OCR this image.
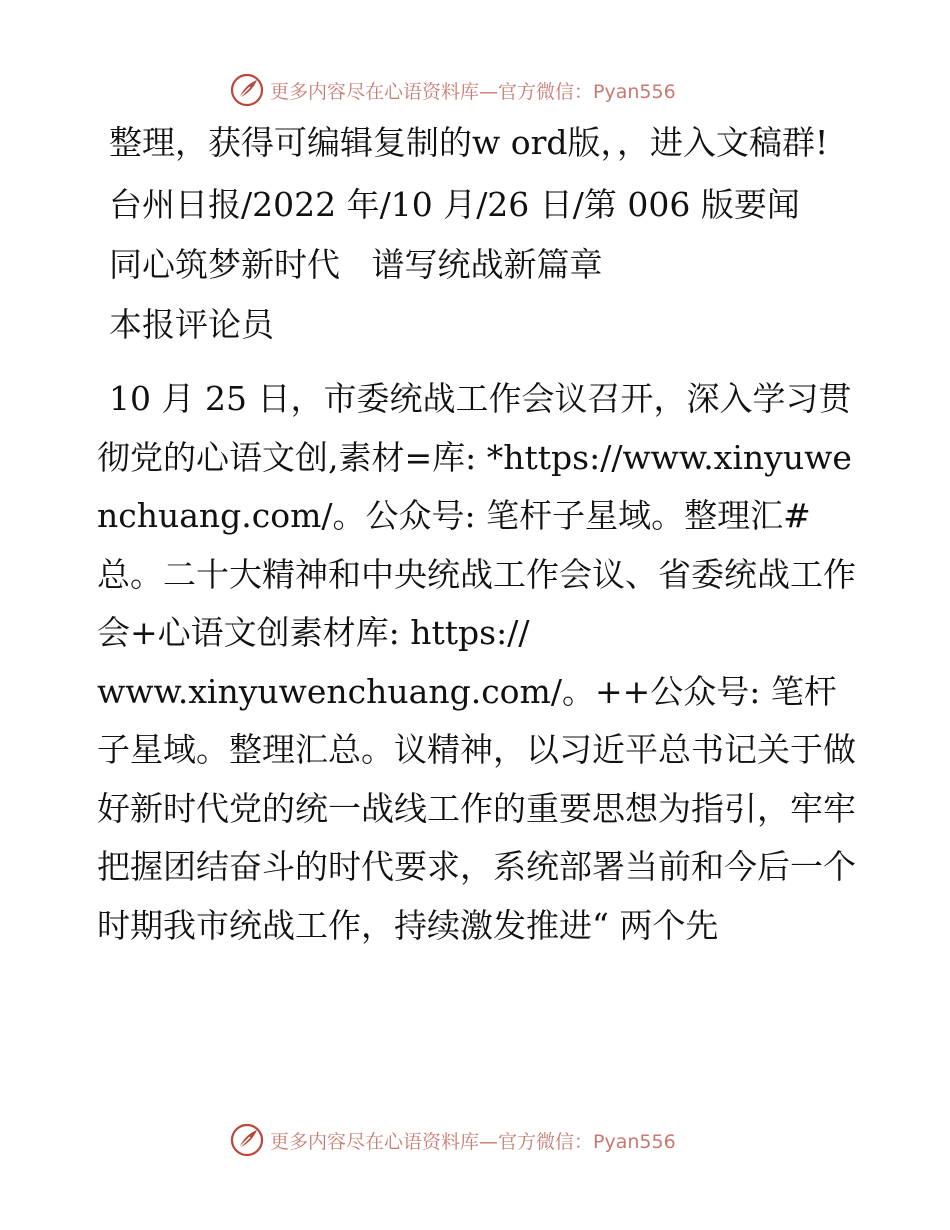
更多内容尽在心语资料库—官方微信：Pyan556

整理，获得可编辑复制的w ord版，，进入文稿群!

台州日报/2022 年/10 月/26 日/第 006 版要闻

同心筑梦新时代   谱写统战新篇章

本报评论员

10 月 25 日，市委统战工作会议召开，深入学习贯彻党的心语文创,素材=库: *https://www.xinyuwenchuang.com/。公众号: 笔杆子星域。整理汇#总。二十大精神和中央统战工作会议、省委统战工作会+心语文创素材库: https://
www.xinyuwenchuang.com/。++公众号: 笔杆子星域。整理汇总。议精神，以习近平总书记关于做好新时代党的统一战线工作的重要思想为指引，牢牢把握团结奋斗的时代要求，系统部署当前和今后一个时期我市统战工作，持续激发推进“ 两个先

更多内容尽在心语资料库—官方微信：Pyan556
